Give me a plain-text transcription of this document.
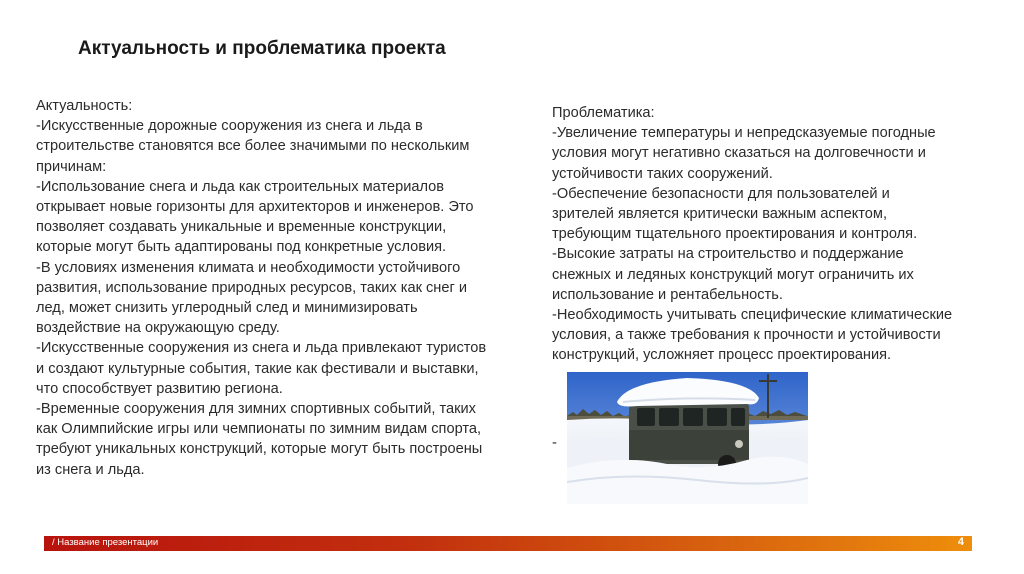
Актуальность и проблематика проекта
Актуальность:
-Искусственные дорожные сооружения из снега и льда в
строительстве становятся все более значимыми по нескольким
причинам:
-Использование снега и льда как строительных материалов
открывает новые горизонты для архитекторов и инженеров. Это
позволяет создавать уникальные и временные конструкции,
которые могут быть адаптированы под конкретные условия.
-В условиях изменения климата и необходимости устойчивого
развития, использование природных ресурсов, таких как снег и
лед, может снизить углеродный след и минимизировать
воздействие на окружающую среду.
-Искусственные сооружения из снега и льда привлекают туристов
и создают культурные события, такие как фестивали и выставки,
что способствует развитию региона.
-Временные сооружения для зимних спортивных событий, таких
как Олимпийские игры или чемпионаты по зимним видам спорта,
требуют уникальных конструкций, которые могут быть построены
из снега и льда.
Проблематика:
-Увеличение температуры и непредсказуемые погодные
условия могут негативно сказаться на долговечности и
устойчивости таких сооружений.
-Обеспечение безопасности для пользователей и
зрителей является критически важным аспектом,
требующим тщательного проектирования и контроля.
-Высокие затраты на строительство и поддержание
снежных и ледяных конструкций могут ограничить их
использование и рентабельность.
-Необходимость учитывать специфические климатические
условия, а также требования к прочности и устойчивости
конструкций, усложняет процесс проектирования.
-
/ Название презентации	4
